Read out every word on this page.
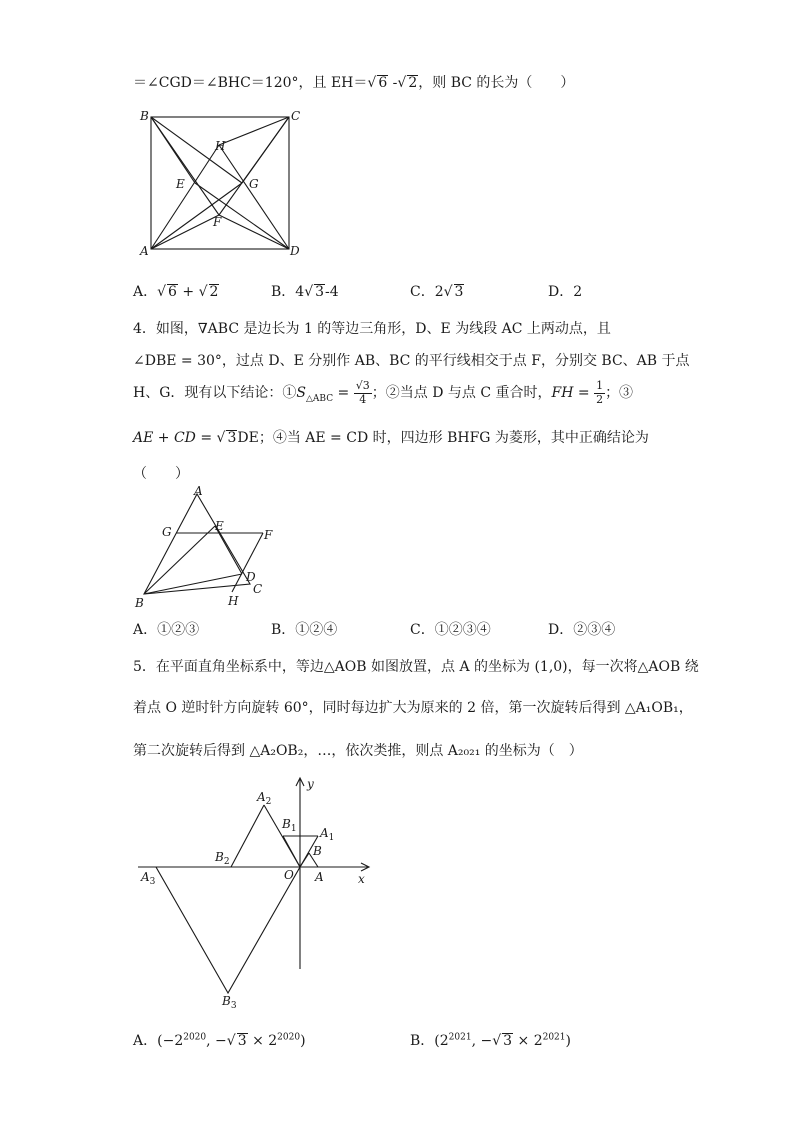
＝∠CGD＝∠BHC＝120°，且 EH＝√ 6 -√ 2，则 BC 的长为（　　）
B	C
A	D
H
E	G
F
A．√ 6 + √ 2	B．4√ 3-4	C．2√ 3	D．2
4．如图，∇ABC 是边长为 1 的等边三角形，D、E 为线段 AC 上两动点，且
∠DBE = 30°，过点 D、E 分别作 AB、BC 的平行线相交于点 F，分别交 BC、AB 于点
H、G．现有以下结论：$①S_{\triangle ABC} = \frac{√3}{4}$ ；②当点 D 与点 C 重合时，FH = $\frac{1}{2}$ ；③
AE + CD = √ 3DE；④当 AE = CD 时，四边形 BHFG 为菱形，其中正确结论为
（　　）
A
G	E
F
D
B	H
C
A．①②③	B．①②④	C．①②③④	D．②③④
5．在平面直角坐标系中，等边△AOB 如图放置，点 A 的坐标为 (1,0)，每一次将△AOB 绕
着点 O 逆时针方向旋转 60°，同时每边扩大为原来的 2 倍，第一次旋转后得到 △A₁OB₁，
第二次旋转后得到 △A₂OB₂，…，依次类推，则点 A₂₀₂₁ 的坐标为（　）
y
x
O A
B
$A_1$
$B_1$
$A_2$
$B_2$
$A_3$
$B_3$
A．($-2^{2020}$, −√ $3 \times 2^{2020}$)	B．($2^{2021}$, −√ $3 \times 2^{2021}$)
